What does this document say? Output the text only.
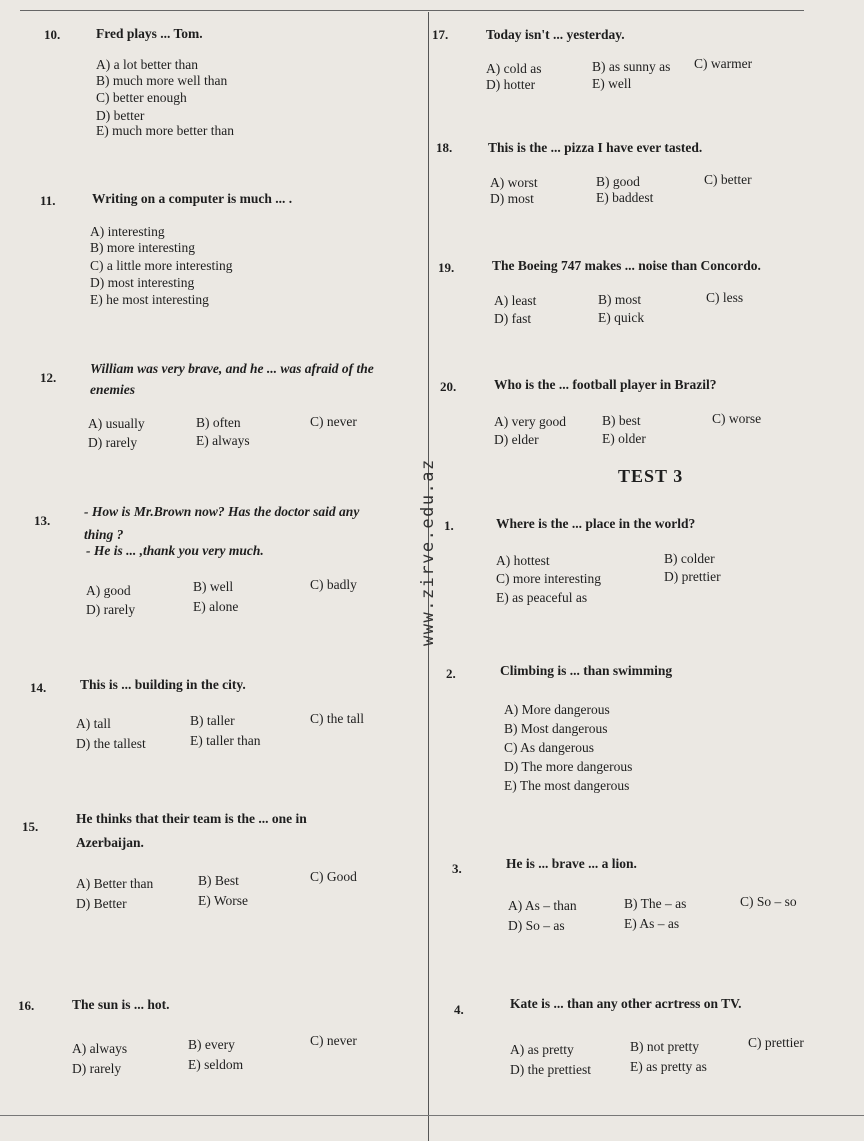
www.zirve.edu.az
10.	Fred plays ... Tom.
A) a lot better than
B) much more well than
C) better enough
D) better
E) much more better than
11.	Writing on a computer is much ... .
A) interesting
B) more interesting
C) a little more interesting
D) most interesting
E) he most interesting
12.
William was very brave, and he ... was afraid of the
enemies
A) usually	B) often	C) never
D) rarely	E) always
13.
- How is Mr.Brown now? Has the doctor said any
thing ?
- He is ... ,thank you very much.
A) good	B) well	C) badly
D) rarely	E) alone
14.	This is ... building in the city.
A) tall	B) taller	C) the tall
D) the tallest	E) taller than
15.
He thinks that their team is the ... one in
Azerbaijan.
A) Better than	B) Best	C) Good
D) Better	E) Worse
16.	The sun is ... hot.
A) always	B) every	C) never
D) rarely	E) seldom
17.	Today isn't ... yesterday.
A) cold as	B) as sunny as C) warmer
D) hotter	E) well
18.	This is the ... pizza I have ever tasted.
A) worst	B) good	C) better
D) most	E) baddest
19.	The Boeing 747 makes ... noise than Concordo.
A) least	B) most	C) less
D) fast	E) quick
20.	Who is the ... football player in Brazil?
A) very good	B) best	C) worse
D) elder	E) older
TEST 3
1.	Where is the ... place in the world?
A) hottest	B) colder
C) more interesting	D) prettier
E) as peaceful as
2.	Climbing is ... than swimming
A) More dangerous
B) Most dangerous
C) As dangerous
D) The more dangerous
E) The most dangerous
3.	He is ... brave ... a lion.
A) As – than	B) The – as	C) So – so
D) So – as	E) As – as
4.	Kate is ... than any other acrtress on TV.
A) as pretty	B) not pretty	C) prettier
D) the prettiest	E) as pretty as
